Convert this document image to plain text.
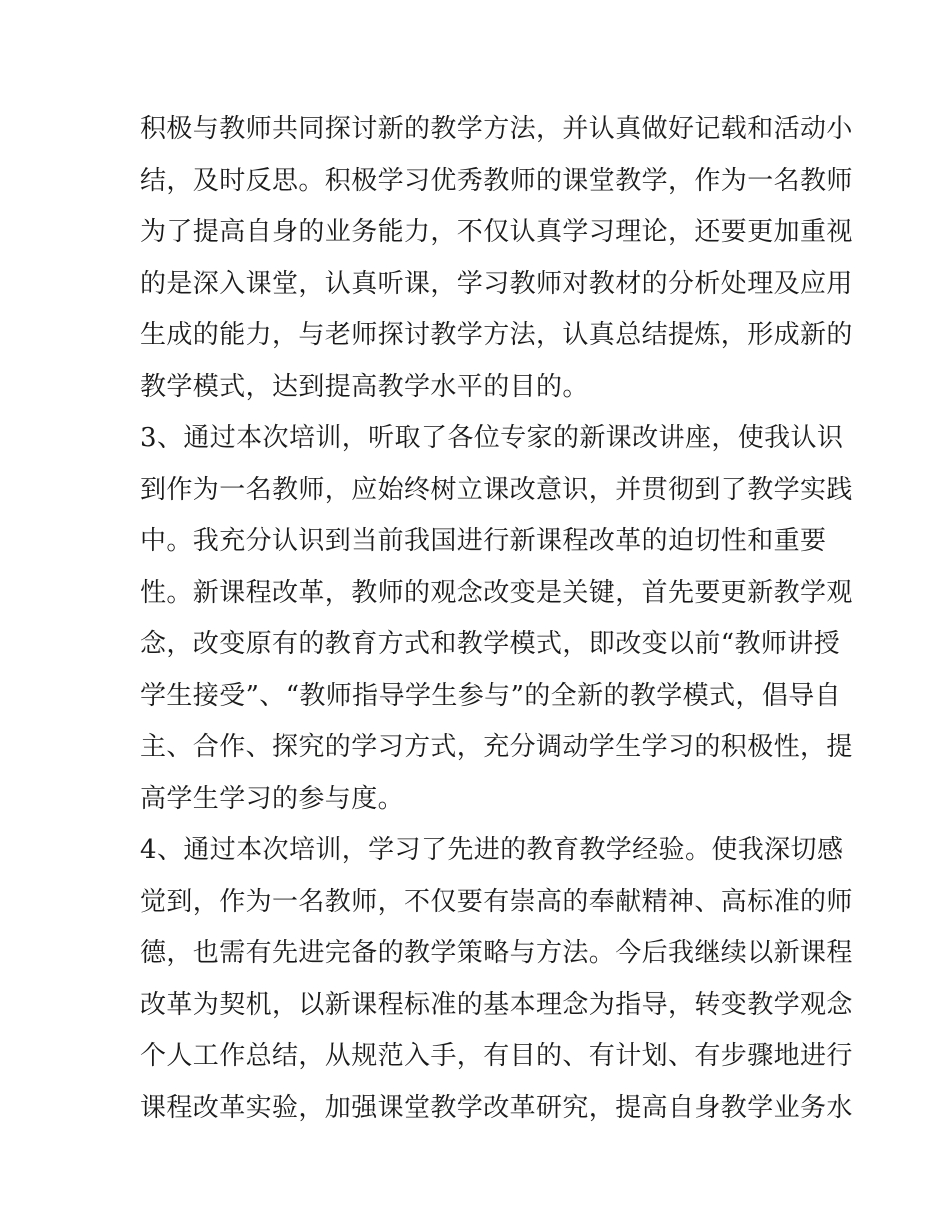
积极与教师共同探讨新的教学方法，并认真做好记载和活动小
结，及时反思。积极学习优秀教师的课堂教学，作为一名教师
为了提高自身的业务能力，不仅认真学习理论，还要更加重视
的是深入课堂，认真听课，学习教师对教材的分析处理及应用
生成的能力，与老师探讨教学方法，认真总结提炼，形成新的
教学模式，达到提高教学水平的目的。
3、通过本次培训，听取了各位专家的新课改讲座，使我认识
到作为一名教师，应始终树立课改意识，并贯彻到了教学实践
中。我充分认识到当前我国进行新课程改革的迫切性和重要
性。新课程改革，教师的观念改变是关键，首先要更新教学观
念，改变原有的教育方式和教学模式，即改变以前“教师讲授
学生接受”、“教师指导学生参与”的全新的教学模式，倡导自
主、合作、探究的学习方式，充分调动学生学习的积极性，提
高学生学习的参与度。
4、通过本次培训，学习了先进的教育教学经验。使我深切感
觉到，作为一名教师，不仅要有崇高的奉献精神、高标准的师
德，也需有先进完备的教学策略与方法。今后我继续以新课程
改革为契机，以新课程标准的基本理念为指导，转变教学观念
个人工作总结，从规范入手，有目的、有计划、有步骤地进行
课程改革实验，加强课堂教学改革研究，提高自身教学业务水
